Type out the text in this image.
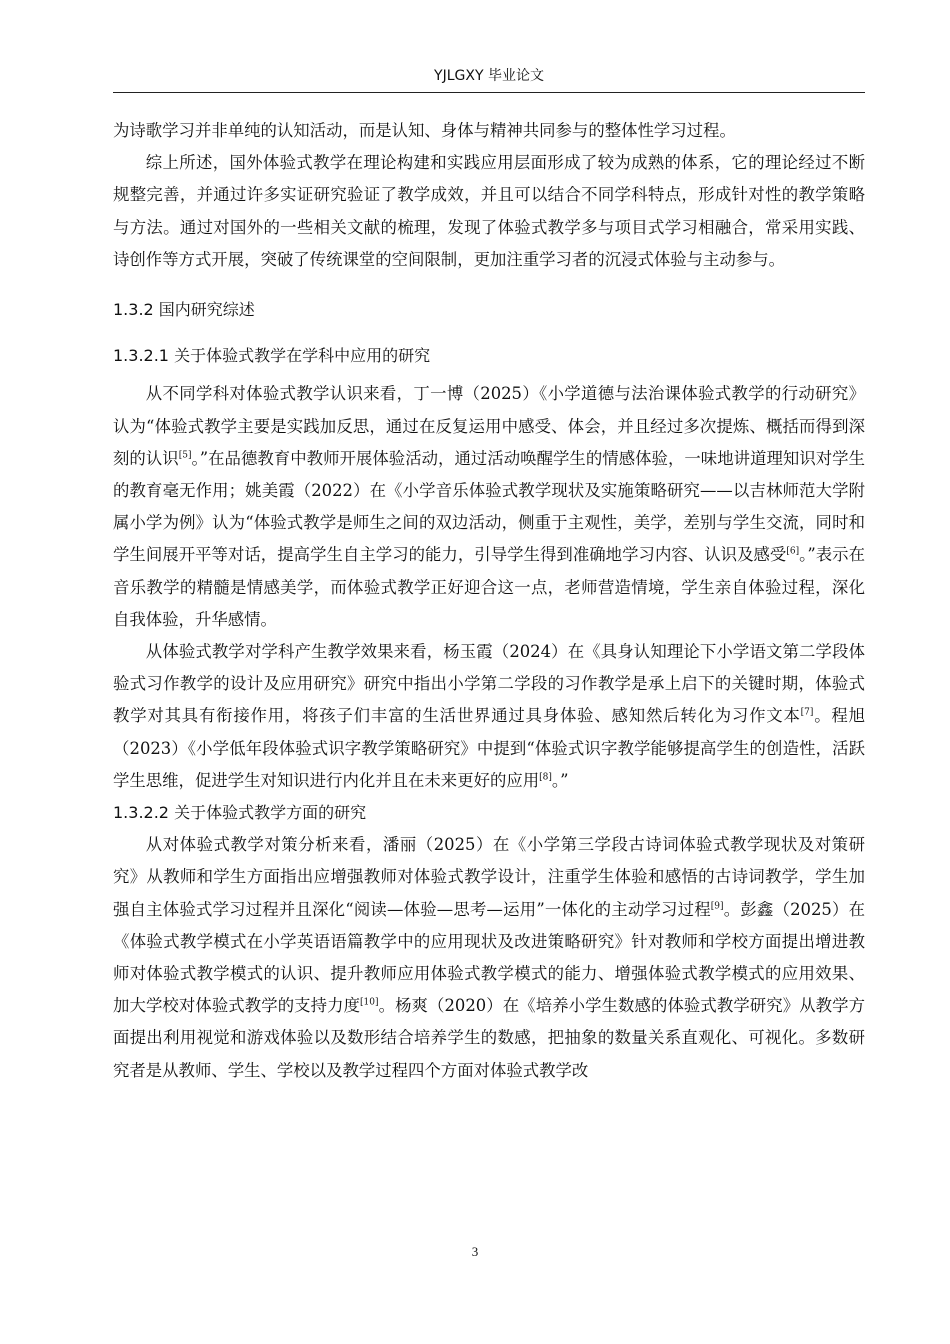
YJLGXY 毕业论文

为诗歌学习并非单纯的认知活动，而是认知、身体与精神共同参与的整体性学习过程。

综上所述，国外体验式教学在理论构建和实践应用层面形成了较为成熟的体系，它的理论经过不断规整完善，并通过许多实证研究验证了教学成效，并且可以结合不同学科特点，形成针对性的教学策略与方法。通过对国外的一些相关文献的梳理，发现了体验式教学多与项目式学习相融合，常采用实践、诗创作等方式开展，突破了传统课堂的空间限制，更加注重学习者的沉浸式体验与主动参与。

1.3.2 国内研究综述

1.3.2.1 关于体验式教学在学科中应用的研究

从不同学科对体验式教学认识来看，丁一博（2025）《小学道德与法治课体验式教学的行动研究》认为“体验式教学主要是实践加反思，通过在反复运用中感受、体会，并且经过多次提炼、概括而得到深刻的认识[5]。”在品德教育中教师开展体验活动，通过活动唤醒学生的情感体验，一味地讲道理知识对学生的教育毫无作用；姚美霞（2022）在《小学音乐体验式教学现状及实施策略研究——以吉林师范大学附属小学为例》认为“体验式教学是师生之间的双边活动，侧重于主观性，美学，差别与学生交流，同时和学生间展开平等对话，提高学生自主学习的能力，引导学生得到准确地学习内容、认识及感受[6]。”表示在音乐教学的精髓是情感美学，而体验式教学正好迎合这一点，老师营造情境，学生亲自体验过程，深化自我体验，升华感情。

从体验式教学对学科产生教学效果来看，杨玉霞（2024）在《具身认知理论下小学语文第二学段体验式习作教学的设计及应用研究》研究中指出小学第二学段的习作教学是承上启下的关键时期，体验式教学对其具有衔接作用，将孩子们丰富的生活世界通过具身体验、感知然后转化为习作文本[7]。程旭（2023）《小学低年段体验式识字教学策略研究》中提到“体验式识字教学能够提高学生的创造性，活跃学生思维，促进学生对知识进行内化并且在未来更好的应用[8]。”

1.3.2.2 关于体验式教学方面的研究

从对体验式教学对策分析来看，潘丽（2025）在《小学第三学段古诗词体验式教学现状及对策研究》从教师和学生方面指出应增强教师对体验式教学设计，注重学生体验和感悟的古诗词教学，学生加强自主体验式学习过程并且深化“阅读—体验—思考—运用”一体化的主动学习过程[9]。彭鑫（2025）在《体验式教学模式在小学英语语篇教学中的应用现状及改进策略研究》针对教师和学校方面提出增进教师对体验式教学模式的认识、提升教师应用体验式教学模式的能力、增强体验式教学模式的应用效果、加大学校对体验式教学的支持力度[10]。杨爽（2020）在《培养小学生数感的体验式教学研究》从教学方面提出利用视觉和游戏体验以及数形结合培养学生的数感，把抽象的数量关系直观化、可视化。多数研究者是从教师、学生、学校以及教学过程四个方面对体验式教学改

3
